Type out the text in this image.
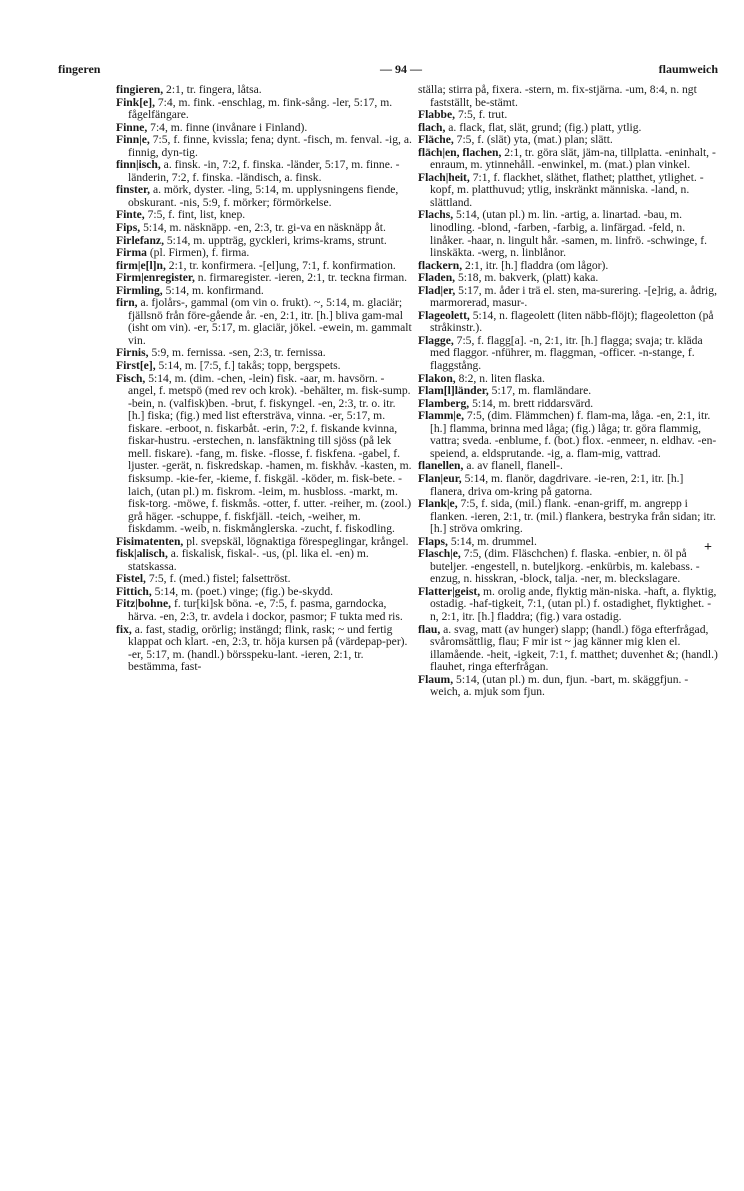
fingeren	— 94 —	flaumweich

fingieren, 2:1, tr. fingera, låtsa.

Fink[e], 7:4, m. fink. -enschlag, m. fink-sång. -ler, 5:17, m. fågelfängare.

Finne, 7:4, m. finne (invånare i Finland).

Finn|e, 7:5, f. finne, kvissla; fena; dynt. -fisch, m. fenval. -ig, a. finnig, dyn-tig.

finn|isch, a. finsk. -in, 7:2, f. finska. -länder, 5:17, m. finne. -länderin, 7:2, f. finska. -ländisch, a. finsk.

finster, a. mörk, dyster. -ling, 5:14, m. upplysningens fiende, obskurant. -nis, 5:9, f. mörker; förmörkelse.

Finte, 7:5, f. fint, list, knep.

Fips, 5:14, m. näsknäpp. -en, 2:3, tr. gi-va en näsknäpp åt.

Firlefanz, 5:14, m. uppträg, gyckleri, krims-krams, strunt.

Firma (pl. Firmen), f. firma.

firm|e[l]n, 2:1, tr. konfirmera. -[el]ung, 7:1, f. konfirmation.

Firm|enregister, n. firmaregister. -ieren, 2:1, tr. teckna firman.

Firmling, 5:14, m. konfirmand.

firn, a. fjolårs-, gammal (om vin o. frukt). ~, 5:14, m. glaciär; fjällsnö från före-gående år. -en, 2:1, itr. [h.] bliva gam-mal (isht om vin). -er, 5:17, m. glaciär, jökel. -ewein, m. gammalt vin.

Firnis, 5:9, m. fernissa. -sen, 2:3, tr. fernissa.

First[e], 5:14, m. [7:5, f.] takås; topp, bergspets.

Fisch, 5:14, m. (dim. -chen, -lein) fisk. -aar, m. havsörn. -angel, f. metspö (med rev och krok). -behälter, m. fisk-sump. -bein, n. (valfisk)ben. -brut, f. fiskyngel. -en, 2:3, tr. o. itr. [h.] fiska; (fig.) med list eftersträva, vinna. -er, 5:17, m. fiskare. -erboot, n. fiskarbåt. -erin, 7:2, f. fiskande kvinna, fiskar-hustru. -erstechen, n. lansfäktning till sjöss (på lek mell. fiskare). -fang, m. fiske. -flosse, f. fiskfena. -gabel, f. ljuster. -gerät, n. fiskredskap. -hamen, m. fiskhåv. -kasten, m. fisksump. -kie-fer, -kieme, f. fiskgäl. -köder, m. fisk-bete. -laich, (utan pl.) m. fiskrom. -leim, m. husbloss. -markt, m. fisk-torg. -möwe, f. fiskmås. -otter, f. utter. -reiher, m. (zool.) grå häger. -schuppe, f. fiskfjäll. -teich, -weiher, m. fiskdamm. -weib, n. fiskmånglerska. -zucht, f. fiskodling.

Fisimatenten, pl. svepskäl, lögnaktiga förespeglingar, krångel.

fisk|alisch, a. fiskalisk, fiskal-. -us, (pl. lika el. -en) m. statskassa.

Fistel, 7:5, f. (med.) fistel; falsettröst.

Fittich, 5:14, m. (poet.) vinge; (fig.) be-skydd.

Fitz|bohne, f. tur[ki]sk böna. -e, 7:5, f. pasma, garndocka, härva. -en, 2:3, tr. avdela i dockor, pasmor; F tukta med ris.

fix, a. fast, stadig, orörlig; instängd; flink, rask; ~ und fertig klappat och klart. -en, 2:3, tr. höja kursen på (värdepap-per). -er, 5:17, m. (handl.) börsspeku-lant. -ieren, 2:1, tr. bestämma, fast-

ställa; stirra på, fixera. -stern, m. fix-stjärna. -um, 8:4, n. ngt fastställt, be-stämt.

Flabbe, 7:5, f. trut.

flach, a. flack, flat, slät, grund; (fig.) platt, ytlig.

Fläche, 7:5, f. (slät) yta, (mat.) plan; slätt.

fläch|en, flachen, 2:1, tr. göra slät, jäm-na, tillplatta. -eninhalt, -enraum, m. ytinnehåll. -enwinkel, m. (mat.) plan vinkel.

Flach|heit, 7:1, f. flackhet, släthet, flathet; platthet, ytlighet. -kopf, m. platthuvud; ytlig, inskränkt människa. -land, n. slättland.

Flachs, 5:14, (utan pl.) m. lin. -artig, a. linartad. -bau, m. linodling. -blond, -farben, -farbig, a. linfärgad. -feld, n. linåker. -haar, n. lingult hår. -samen, m. linfrö. -schwinge, f. linskäkta. -werg, n. linblånor.

flackern, 2:1, itr. [h.] fladdra (om lågor).

Fladen, 5:18, m. bakverk, (platt) kaka.

Flad|er, 5:17, m. åder i trä el. sten, ma-surering. -[e]rig, a. ådrig, marmorerad, masur-.

Flageolett, 5:14, n. flageolett (liten näbb-flöjt); flageoletton (på stråkinstr.).

Flagge, 7:5, f. flagg[a]. -n, 2:1, itr. [h.] flagga; svaja; tr. kläda med flaggor. -nführer, m. flaggman, -officer. -n-stange, f. flaggstång.

Flakon, 8:2, n. liten flaska.

Flam[l]länder, 5:17, m. flamländare.

Flamberg, 5:14, m. brett riddarsvärd.

Flamm|e, 7:5, (dim. Flämmchen) f. flam-ma, låga. -en, 2:1, itr. [h.] flamma, brinna med låga; (fig.) låga; tr. göra flammig, vattra; sveda. -enblume, f. (bot.) flox. -enmeer, n. eldhav. -en-speiend, a. eldsprutande. -ig, a. flam-mig, vattrad.

flanellen, a. av flanell, flanell-.

Flan|eur, 5:14, m. flanör, dagdrivare. -ie-ren, 2:1, itr. [h.] flanera, driva om-kring på gatorna.

Flank|e, 7:5, f. sida, (mil.) flank. -enan-griff, m. angrepp i flanken. -ieren, 2:1, tr. (mil.) flankera, bestryka från sidan; itr. [h.] ströva omkring.

Flaps, 5:14, m. drummel.

Flasch|e, 7:5, (dim. Fläschchen) f. flaska. -enbier, n. öl på buteljer. -engestell, n. buteljkorg. -enkürbis, m. kalebass. -enzug, n. hisskran, -block, talja. -ner, m. bleckslagare.

Flatter|geist, m. orolig ande, flyktig män-niska. -haft, a. flyktig, ostadig. -haf-tigkeit, 7:1, (utan pl.) f. ostadighet, flyktighet. -n, 2:1, itr. [h.] fladdra; (fig.) vara ostadig.

flau, a. svag, matt (av hunger) slapp; (handl.) föga efterfrågad, svåromsättlig, flau; F mir ist ~ jag känner mig klen el. illamående. -heit, -igkeit, 7:1, f. matthet; duvenhet &; (handl.) flauhet, ringa efterfrågan.

Flaum, 5:14, (utan pl.) m. dun, fjun. -bart, m. skäggfjun. -weich, a. mjuk som fjun.

+
